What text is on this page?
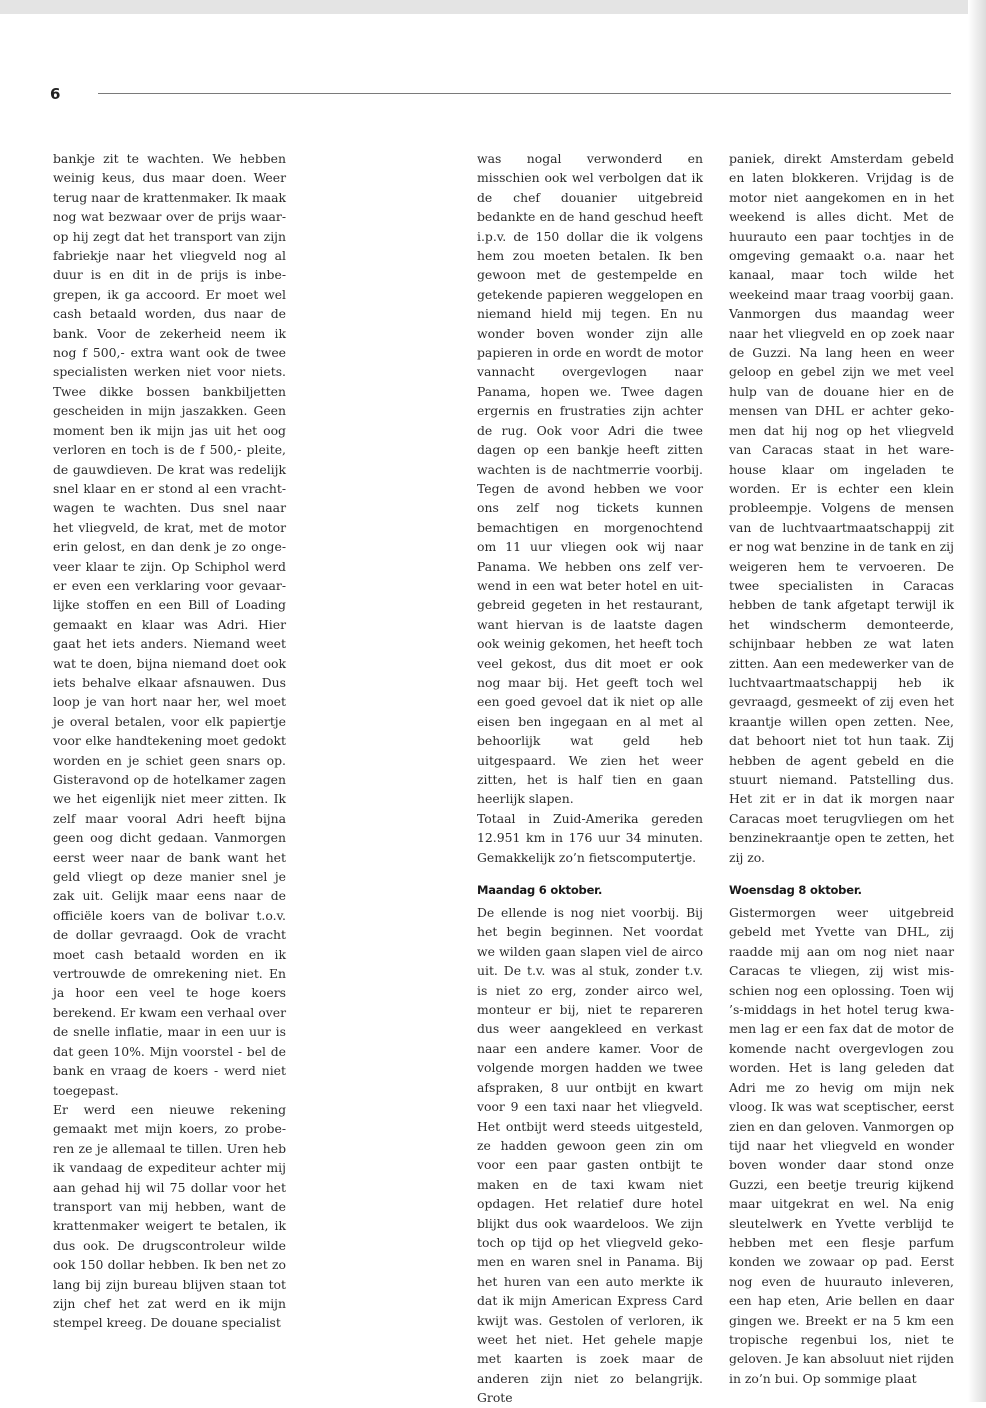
6

bankje zit te wachten. We hebben weinig keus, dus maar doen. Weer terug naar de krattenmaker. Ik maak nog wat bezwaar over de prijs waarop hij zegt dat het transport van zijn fabriekje naar het vliegveld nog al duur is en dit in de prijs is inbegrepen, ik ga accoord. Er moet wel cash betaald worden, dus naar de bank. Voor de zekerheid neem ik nog f 500,- extra want ook de twee specialisten werken niet voor niets. Twee dikke bossen bankbiljetten gescheiden in mijn jaszakken. Geen moment ben ik mijn jas uit het oog verloren en toch is de f 500,- pleite, de gauwdieven. De krat was redelijk snel klaar en er stond al een vrachtwagen te wachten. Dus snel naar het vliegveld, de krat, met de motor erin gelost, en dan denk je zo ongeveer klaar te zijn. Op Schiphol werd er even een verklaring voor gevaarlijke stoffen en een Bill of Loading gemaakt en klaar was Adri. Hier gaat het iets anders. Niemand weet wat te doen, bijna niemand doet ook iets behalve elkaar afsnauwen. Dus loop je van hort naar her, wel moet je overal betalen, voor elk papiertje voor elke handtekening moet gedokt worden en je schiet geen snars op. Gisteravond op de hotelkamer zagen we het eigenlijk niet meer zitten. Ik zelf maar vooral Adri heeft bijna geen oog dicht gedaan. Vanmorgen eerst weer naar de bank want het geld vliegt op deze manier snel je zak uit. Gelijk maar eens naar de officiële koers van de bolivar t.o.v. de dollar gevraagd. Ook de vracht moet cash betaald worden en ik vertrouwde de omrekening niet. En ja hoor een veel te hoge koers berekend. Er kwam een verhaal over de snelle inflatie, maar in een uur is dat geen 10%. Mijn voorstel - bel de bank en vraag de koers - werd niet toegepast.

Er werd een nieuwe rekening gemaakt met mijn koers, zo proberen ze je allemaal te tillen. Uren heb ik vandaag de expediteur achter mij aan gehad hij wil 75 dollar voor het transport van mij hebben, want de krattenmaker weigert te betalen, ik dus ook. De drugscontroleur wilde ook 150 dollar hebben. Ik ben net zo lang bij zijn bureau blijven staan tot zijn chef het zat werd en ik mijn stempel kreeg. De douane specialist

was nogal verwonderd en misschien ook wel verbolgen dat ik de chef douanier uitgebreid bedankte en de hand geschud heeft i.p.v. de 150 dollar die ik volgens hem zou moeten betalen. Ik ben gewoon met de gestempelde en getekende papieren weggelopen en niemand hield mij tegen. En nu wonder boven wonder zijn alle papieren in orde en wordt de motor vannacht overgevlogen naar Panama, hopen we. Twee dagen ergernis en frustraties zijn achter de rug. Ook voor Adri die twee dagen op een bankje heeft zitten wachten is de nachtmerrie voorbij. Tegen de avond hebben we voor ons zelf nog tickets kunnen bemachtigen en morgenochtend om 11 uur vliegen ook wij naar Panama. We hebben ons zelf verwend in een wat beter hotel en uitgebreid gegeten in het restaurant, want hiervan is de laatste dagen ook weinig gekomen, het heeft toch veel gekost, dus dit moet er ook nog maar bij. Het geeft toch wel een goed gevoel dat ik niet op alle eisen ben ingegaan en al met al behoorlijk wat geld heb uitgespaard. We zien het weer zitten, het is half tien en gaan heerlijk slapen.

Totaal in Zuid-Amerika gereden 12.951 km in 176 uur 34 minuten. Gemakkelijk zo’n fietscomputertje.

Maandag 6 oktober.

De ellende is nog niet voorbij. Bij het begin beginnen. Net voordat we wilden gaan slapen viel de airco uit. De t.v. was al stuk, zonder t.v. is niet zo erg, zonder airco wel, monteur er bij, niet te repareren dus weer aangekleed en verkast naar een andere kamer. Voor de volgende morgen hadden we twee afspraken, 8 uur ontbijt en kwart voor 9 een taxi naar het vliegveld. Het ontbijt werd steeds uitgesteld, ze hadden gewoon geen zin om voor een paar gasten ontbijt te maken en de taxi kwam niet opdagen. Het relatief dure hotel blijkt dus ook waardeloos. We zijn toch op tijd op het vliegveld gekomen en waren snel in Panama. Bij het huren van een auto merkte ik dat ik mijn American Express Card kwijt was. Gestolen of verloren, ik weet het niet. Het gehele mapje met kaarten is zoek maar de anderen zijn niet zo belangrijk. Grote

paniek, direkt Amsterdam gebeld en laten blokkeren. Vrijdag is de motor niet aangekomen en in het weekend is alles dicht. Met de huurauto een paar tochtjes in de omgeving gemaakt o.a. naar het kanaal, maar toch wilde het weekeind maar traag voorbij gaan. Vanmorgen dus maandag weer naar het vliegveld en op zoek naar de Guzzi. Na lang heen en weer geloop en gebel zijn we met veel hulp van de douane hier en de mensen van DHL er achter gekomen dat hij nog op het vliegveld van Caracas staat in het ware-house klaar om ingeladen te worden. Er is echter een klein probleempje. Volgens de mensen van de luchtvaartmaatschappij zit er nog wat benzine in de tank en zij weigeren hem te vervoeren. De twee specialisten in Caracas hebben de tank afgetapt terwijl ik het windscherm demonteerde, schijnbaar hebben ze wat laten zitten. Aan een medewerker van de luchtvaartmaatschappij heb ik gevraagd, gesmeekt of zij even het kraantje willen open zetten. Nee, dat behoort niet tot hun taak. Zij hebben de agent gebeld en die stuurt niemand. Patstelling dus. Het zit er in dat ik morgen naar Caracas moet terugvliegen om het benzinekraantje open te zetten, het zij zo.

Woensdag 8 oktober.

Gistermorgen weer uitgebreid gebeld met Yvette van DHL, zij raadde mij aan om nog niet naar Caracas te vliegen, zij wist misschien nog een oplossing. Toen wij ’s-middags in het hotel terug kwamen lag er een fax dat de motor de komende nacht overgevlogen zou worden. Het is lang geleden dat Adri me zo hevig om mijn nek vloog. Ik was wat sceptischer, eerst zien en dan geloven. Vanmorgen op tijd naar het vliegveld en wonder boven wonder daar stond onze Guzzi, een beetje treurig kijkend maar uitgekrat en wel. Na enig sleutelwerk en Yvette verblijd te hebben met een flesje parfum konden we zowaar op pad. Eerst nog even de huurauto inleveren, een hap eten, Arie bellen en daar gingen we. Breekt er na 5 km een tropische regenbui los, niet te geloven. Je kan absoluut niet rijden in zo’n bui. Op sommige plaat
